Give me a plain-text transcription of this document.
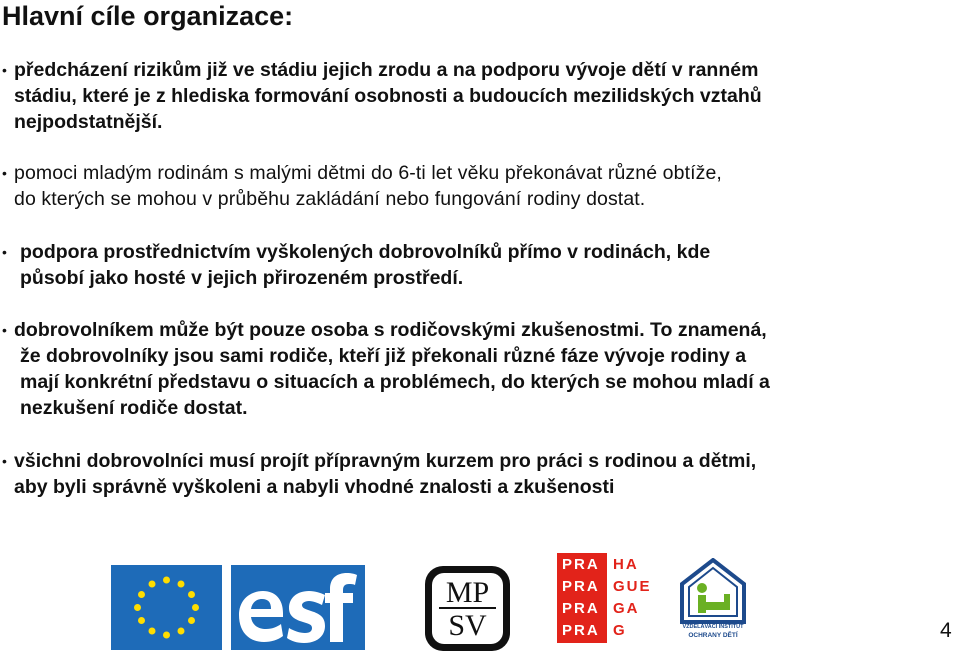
Hlavní cíle organizace:
• předcházení rizikům již ve stádiu jejich zrodu a na podporu vývoje dětí v ranném
stádiu, které je z hlediska formování osobnosti a budoucích mezilidských vztahů
nejpodstatnější.
• pomoci mladým rodinám s malými dětmi do 6-ti let věku překonávat různé obtíže,
do kterých se mohou v průběhu zakládání nebo fungování rodiny dostat.
• podpora prostřednictvím vyškolených dobrovolníků přímo v rodinách, kde
působí jako hosté v jejich přirozeném prostředí.
• dobrovolníkem může být pouze osoba s rodičovskými zkušenostmi. To znamená,
že dobrovolníky jsou sami rodiče, kteří již překonali různé fáze vývoje rodiny a
mají konkrétní představu o situacích a problémech, do kterých se mohou mladí a
nezkušení rodiče dostat.
• všichni dobrovolníci musí projít přípravným kurzem pro práci s rodinou a dětmi,
aby byli správně vyškoleni a nabyli vhodné znalosti a zkušenosti
MP
SV
PRA HA
PRA GUE
PRA GA
PRA G	VZDĚLÁVACÍ INSTITUT
OCHRANY DĚTÍ	4
